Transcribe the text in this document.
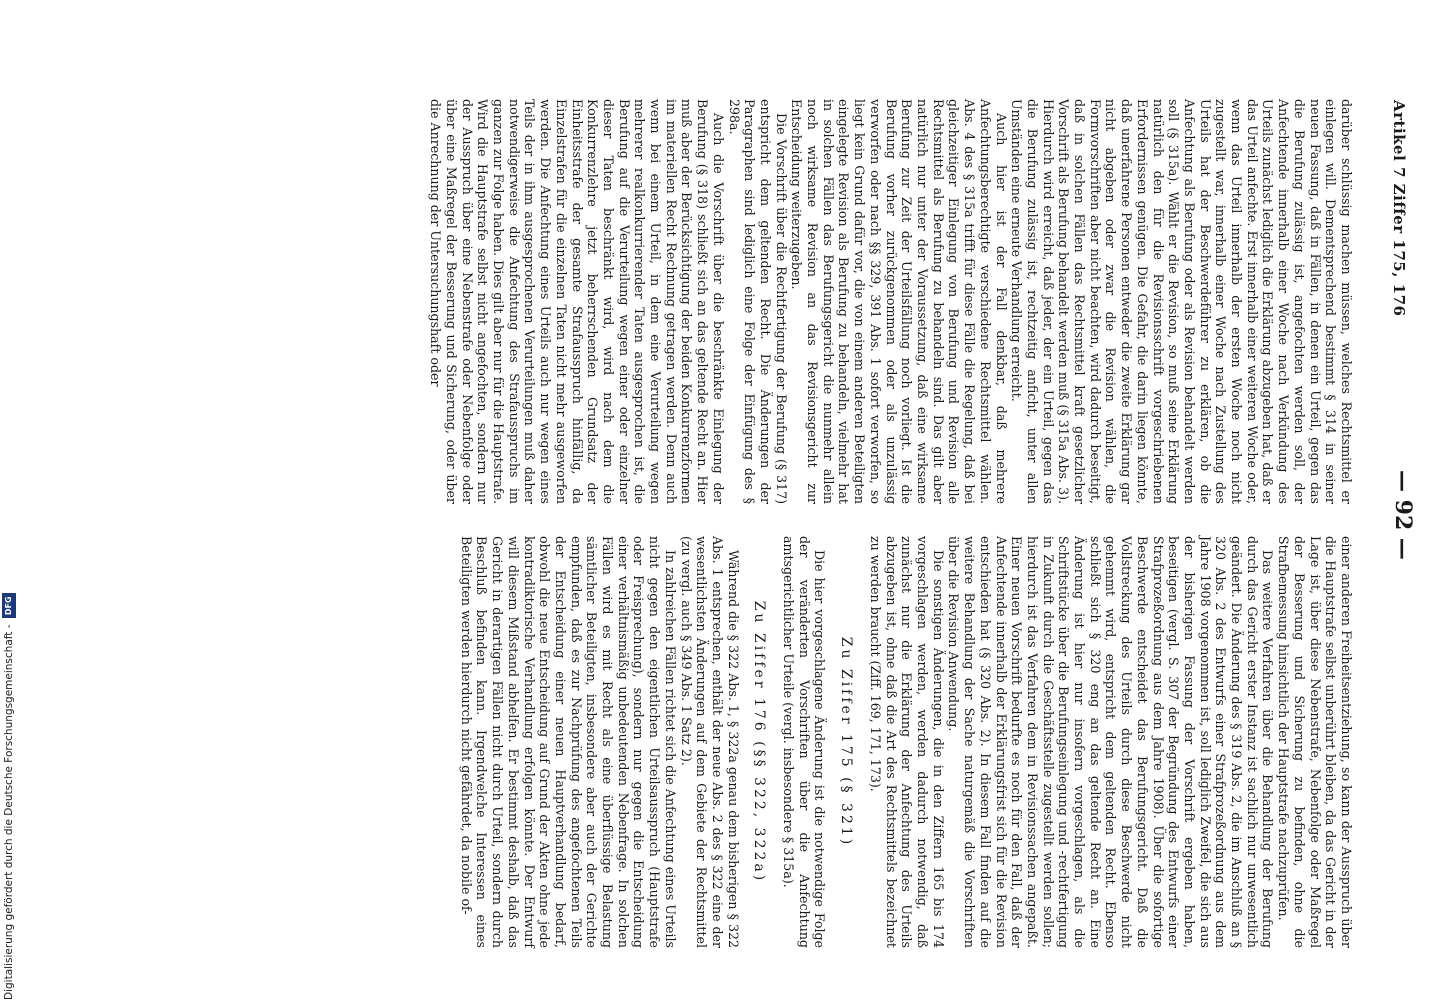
Artikel 7 Ziffer 175, 176
— 92 —

darüber schlüssig machen müssen, welches Rechtsmittel er einlegen will. Dementsprechend bestimmt § 314 in seiner neuen Fassung, daß in Fällen, in denen ein Urteil, gegen das die Berufung zulässig ist, angefochten werden soll, der Anfechtende innerhalb einer Woche nach Verkündung des Urteils zunächst lediglich die Erklärung abzugeben hat, daß er das Urteil anfechte. Erst innerhalb einer weiteren Woche oder, wenn das Urteil innerhalb der ersten Woche noch nicht zugestellt war, innerhalb einer Woche nach Zustellung des Urteils hat der Beschwerdeführer zu erklären, ob die Anfechtung als Berufung oder als Revision behandelt werden soll (§ 315a). Wählt er die Revision, so muß seine Erklärung natürlich den für die Revisionsschrift vorgeschriebenen Erfordernissen genügen. Die Gefahr, die darin liegen könnte, daß unerfahrene Personen entweder die zweite Erklärung gar nicht abgeben oder zwar die Revision wählen, die Formvorschriften aber nicht beachten, wird dadurch beseitigt, daß in solchen Fällen das Rechtsmittel kraft gesetzlicher Vorschrift als Berufung behandelt werden muß (§ 315a Abs. 3). Hierdurch wird erreicht, daß jeder, der ein Urteil, gegen das die Berufung zulässig ist, rechtzeitig anficht, unter allen Umständen eine erneute Verhandlung erreicht.

Auch hier ist der Fall denkbar, daß mehrere Anfechtungsberechtigte verschiedene Rechtsmittel wählen. Abs. 4 des § 315a trifft für diese Fälle die Regelung, daß bei gleichzeitiger Einlegung von Berufung und Revision alle Rechtsmittel als Berufung zu behandeln sind. Das gilt aber natürlich nur unter der Voraussetzung, daß eine wirksame Berufung zur Zeit der Urteilsfällung noch vorliegt. Ist die Berufung vorher zurückgenommen oder als unzulässig verworfen oder nach §§ 329, 391 Abs. 1 sofort verworfen, so liegt kein Grund dafür vor, die von einem anderen Beteiligten eingelegte Revision als Berufung zu behandeln, vielmehr hat in solchen Fällen das Berufungsgericht die nunmehr allein noch wirksame Revision an das Revisionsgericht zur Entscheidung weiterzugeben.

Die Vorschrift über die Rechtfertigung der Berufung (§ 317) entspricht dem geltenden Recht. Die Änderungen der Paragraphen sind lediglich eine Folge der Einfügung des § 298a.

Auch die Vorschrift über die beschränkte Einlegung der Berufung (§ 318) schließt sich an das geltende Recht an. Hier muß aber der Berücksichtigung der beiden Konkurrenzformen im materiellen Recht Rechnung getragen werden. Denn auch wenn bei einem Urteil, in dem eine Verurteilung wegen mehrerer realkonkurrierender Taten ausgesprochen ist, die Berufung auf die Verurteilung wegen einer oder einzelner dieser Taten beschränkt wird, wird nach dem die Konkurrenzlehre jetzt beherrschenden Grundsatz der Einheitsstrafe der gesamte Strafausspruch hinfällig, da Einzelstrafen für die einzelnen Taten nicht mehr ausgeworfen werden. Die Anfechtung eines Urteils auch nur wegen eines Teils der in ihm ausgesprochenen Verurteilungen muß daher notwendigerweise die Anfechtung des Strafausspruchs im ganzen zur Folge haben. Dies gilt aber nur für die Hauptstrafe. Wird die Hauptstrafe selbst nicht angefochten, sondern nur der Ausspruch über eine Nebenstrafe oder Nebenfolge oder über eine Maßregel der Besserung und Sicherung, oder über die Anrechnung der Untersuchungshaft oder

einer anderen Freiheitsentziehung, so kann der Ausspruch über die Hauptstrafe selbst unberührt bleiben, da das Gericht in der Lage ist, über diese Nebenstrafe, Nebenfolge oder Maßregel der Besserung und Sicherung zu befinden, ohne die Strafbemessung hinsichtlich der Hauptstrafe nachzuprüfen.

Das weitere Verfahren über die Behandlung der Berufung durch das Gericht erster Instanz ist sachlich nur unwesentlich geändert. Die Änderung des § 319 Abs. 2, die im Anschluß an § 320 Abs. 2 des Entwurfs einer Strafprozeßordnung aus dem Jahre 1908 vorgenommen ist, soll lediglich Zweifel, die sich aus der bisherigen Fassung der Vorschrift ergeben haben, beseitigen (vergl. S. 307 der Begründung des Entwurfs einer Strafprozeßordnung aus dem Jahre 1908). Über die sofortige Beschwerde entscheidet das Berufungsgericht. Daß die Vollstreckung des Urteils durch diese Beschwerde nicht gehemmt wird, entspricht dem geltenden Recht. Ebenso schließt sich § 320 eng an das geltende Recht an. Eine Änderung ist hier nur insofern vorgeschlagen, als die Schriftstücke über die Berufungseinlegung und -rechtfertigung in Zukunft durch die Geschäftsstelle zugestellt werden sollen; hierdurch ist das Verfahren dem in Revisionssachen angepaßt. Einer neuen Vorschrift bedurfte es noch für den Fall, daß der Anfechtende innerhalb der Erklärungsfrist sich für die Revision entschieden hat (§ 320 Abs. 2). In diesem Fall finden auf die weitere Behandlung der Sache naturgemäß die Vorschriften über die Revision Anwendung.

Die sonstigen Änderungen, die in den Ziffern 165 bis 174 vorgeschlagen werden, werden dadurch notwendig, daß zunächst nur die Erklärung der Anfechtung des Urteils abzugeben ist, ohne daß die Art des Rechtsmittels bezeichnet zu werden braucht (Ziff. 169, 171, 173).

Zu Ziffer 175 (§ 321)

Die hier vorgeschlagene Änderung ist die notwendige Folge der veränderten Vorschriften über die Anfechtung amtsgerichtlicher Urteile (vergl. insbesondere § 315a).

Zu Ziffer 176 (§§ 322, 322a)

Während die § 322 Abs. 1, § 322a genau dem bisherigen § 322 Abs. 1 entsprechen, enthält der neue Abs. 2 des § 322 eine der wesentlichsten Änderungen auf dem Gebiete der Rechtsmittel (zu vergl. auch § 349 Abs. 1 Satz 2).

In zahlreichen Fällen richtet sich die Anfechtung eines Urteils nicht gegen den eigentlichen Urteilsausspruch (Hauptstrafe oder Freisprechung), sondern nur gegen die Entscheidung einer verhältnismäßig unbedeutenden Nebenfrage. In solchen Fällen wird es mit Recht als eine überflüssige Belastung sämtlicher Beteiligten, insbesondere aber auch der Gerichte empfunden, daß es zur Nachprüfung des angefochtenen Teils der Entscheidung einer neuen Hauptverhandlung bedarf, obwohl die neue Entscheidung auf Grund der Akten ohne jede kontradiktorische Verhandlung erfolgen könnte. Der Entwurf will diesem Mißstand abhelfen. Er bestimmt deshalb, daß das Gericht in derartigen Fällen nicht durch Urteil, sondern durch Beschluß befinden kann. Irgendwelche Interessen eines Beteiligten werden hierdurch nicht gefährdet, da nobile of-

Digitalisierung gefördert durch die Deutsche Forschungsgemeinschaft - DFG
